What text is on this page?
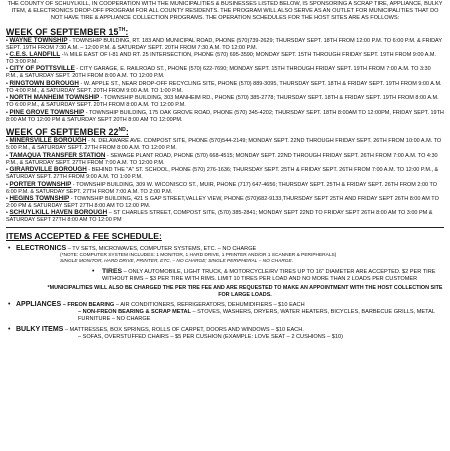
THE COUNTY OF SCHUYLKILL, IN COOPERATION WITH THE MUNICIPALITIES & BUSINESSES LISTED BELOW, IS SPONSORING A SCRAP TIRE, APPLIANCE, BULKY ITEM, & ELECTRONICS DROP-OFF PROGRAM FOR ALL COUNTY RESIDENTS. THE PROGRAM WILL ALSO SERVE AS AN OUTLET FOR MUNICIPALITIES THAT DO NOT HAVE TIRE & APPLIANCE COLLECTION PROGRAMS. THE OPERATION SCHEDULES FOR THE HOST SITES ARE AS FOLLOWS:
WEEK OF SEPTEMBER 15TH:
• WAYNE TOWNSHIP - TOWNSHIP BUILDING, RT. 183 AND MUNICIPAL ROAD, PHONE (570)739-2629; THURSDAY SEPT. 18TH FROM 12:00 P.M. TO 6:00 P.M. & FRIDAY SEPT. 19TH FROM 7:30 A.M. – 12:00 P.M. & SATURDAY SEPT. 20TH FROM 7:30 A.M. TO 12:00 P.M.
• C.E.S. LANDFILL -¼ MILE EAST OF I-81 AND RT. 25 INTERSECTION, PHONE (570) 695-3590; MONDAY SEPT. 15TH THROUGH FRIDAY SEPT. 19TH FROM 9:00 A.M. TO 3:00 P.M.
• CITY OF POTTSVILLE - CITY GARAGE, E. RAILROAD ST., PHONE (570) 622-7690; MONDAY SEPT. 15TH THROUGH FRIDAY SEPT. 19TH FROM 7:00 A.M. TO 3:30 P.M., & SATURDAY SEPT. 20TH FROM 8:00 A.M. TO 12:00 P.M.
• RINGTOWN BOROUGH - W. APPLE ST., NEAR DROP-OFF RECYCLING SITE, PHONE (570) 889-3095, THURSDAY SEPT. 18TH & FRIDAY SEPT. 19TH FROM 9:00 A.M. TO 4:00 P.M., & SATURDAY SEPT. 20TH FROM 9:00 A.M. TO 1:00 P.M.
• NORTH MANHEIM TOWNSHIP - TOWNSHIP BUILDING, 303 MANHEIM RD., PHONE (570) 385-2778; THURSDAY SEPT. 18TH & FRIDAY SEPT. 19TH FROM 8:00 A.M. TO 6:00 P.M., & SATURDAY SEPT. 20TH FROM 8:00 A.M. TO 12:00 P.M.
• PINE GROVE TOWNSHIP - TOWNSHIP BUILDING, 175 OAK GROVE ROAD, PHONE (570) 345-4202; THURSDAY SEPT. 18TH 8:00AM TO 12:00PM, FRIDAY SEPT. 19TH 8:00 AM TO 12:00 PM & SATURDAY SEPT 20TH 8:00 AM TO 12:00PM.
WEEK OF SEPTEMBER 22ND:
• MINERSVILLE BOROUGH - N. DELAWARE AVE. COMPOST SITE, PHONE (570)544-2149; MONDAY SEPT. 22ND THROUGH FRIDAY SEPT. 26TH FROM 10:00 A.M. TO 5:00 P.M., & SATURDAY SEPT. 27TH FROM 8:00 A.M. TO 12:00 P.M.
• TAMAQUA TRANSFER STATION - SEWAGE PLANT ROAD, PHONE (570) 668-4515; MONDAY SEPT. 22ND THROUGH FRIDAY SEPT. 26TH FROM 7:00 A.M. TO 4:30 P.M., & SATURDAY SEPT. 27TH FROM 7:00 A.M. TO 12:00 P.M.
• GIRARDVILLE BOROUGH - BEHIND THE "A" ST. SCHOOL, PHONE (570) 276-1636; THURSDAY SEPT. 25TH & FRIDAY SEPT. 26TH FROM 7:00 A.M. TO 12:00 P.M., & SATURDAY SEPT. 27TH FROM 9:00 A.M. TO 1:00 P.M.
• PORTER TOWNSHIP - TOWNSHIP BUILDING, 309 W. WICONISCO ST., MUIR, PHONE (717) 647-4656; THURSDAY SEPT. 25TH & FRIDAY SEPT. 26TH FROM 2:00 TO 6:00 P.M. & SATURDAY SEPT. 27TH FROM 7:00 A.M. TO 2:00 P.M.
• HEGINS TOWNSHIP - TOWNSHIP BUILDING, 421 S GAP STREET,VALLEY VIEW, PHONE (570)682-9133,THURSDAY SEPT 25TH AND FRIDAY SEPT 26TH 8:00 AM TO 2:00 PM & SATURDAY SEPT 27TH 8:00 AM TO 12:00 PM.
• SCHUYLKILL HAVEN BOROUGH – ST CHARLES STREET, COMPOST SITE, (570) 385-2841; MONDAY SEPT 22ND TO FRIDAY SEPT 26TH 8:00 AM TO 3:00 PM & SATURDAY SEPT 27TH 8:00 AM TO 12:00 PM
ITEMS ACCEPTED & FEE SCHEDULE:
• ELECTRONICS – TV SETS, MICROWAVES, COMPUTER SYSTEMS, ETC. – NO CHARGE
(*NOTE: COMPUTER SYSTEM INCLUDES: 1 MONITOR, 1 HARD DRIVE, 1 PRINTER AND/OR 1 SCANNER & PERIPHERALS)
SINGLE MONITOR, HARD DRIVE, PRINTER, ETC. – NO CHARGE; SINGLE PERIPHERAL – NO CHARGE.
• TIRES – ONLY AUTOMOBILE, LIGHT TRUCK, & MOTORCYCLE/RV TIRES UP TO 16" DIAMETER ARE ACCEPTED. $2 PER TIRE WITHOUT RIMS – $3 PER TIRE WITH RIMS. LIMIT 10 TIRES PER LOAD AND NO MORE THAN 2 LOADS PER CUSTOMER
*MUNICIPALITIES WILL ALSO BE CHARGED THE PER TIRE FEE AND ARE REQUESTED TO MAKE AN APPOINTMENT WITH THE HOST COLLECTION SITE FOR LARGE LOADS.
• APPLIANCES – FREON BEARING – AIR CONDITIONERS, REFRIGERATORS, DEHUMIDIFIERS – $10 EACH
– NON-FREON BEARING & SCRAP METAL – STOVES, WASHERS, DRYERS, WATER HEATERS, BICYCLES, BARBECUE GRILLS, METAL FURNITURE – NO CHARGE
• BULKY ITEMS – MATTRESSES, BOX SPRINGS, ROLLS OF CARPET, DOORS AND WINDOWS – $10 EACH.
– SOFAS, OVERSTUFFED CHAIRS – $5 PER CUSHION (EXAMPLE: LOVE SEAT – 2 CUSHIONS – $10)
